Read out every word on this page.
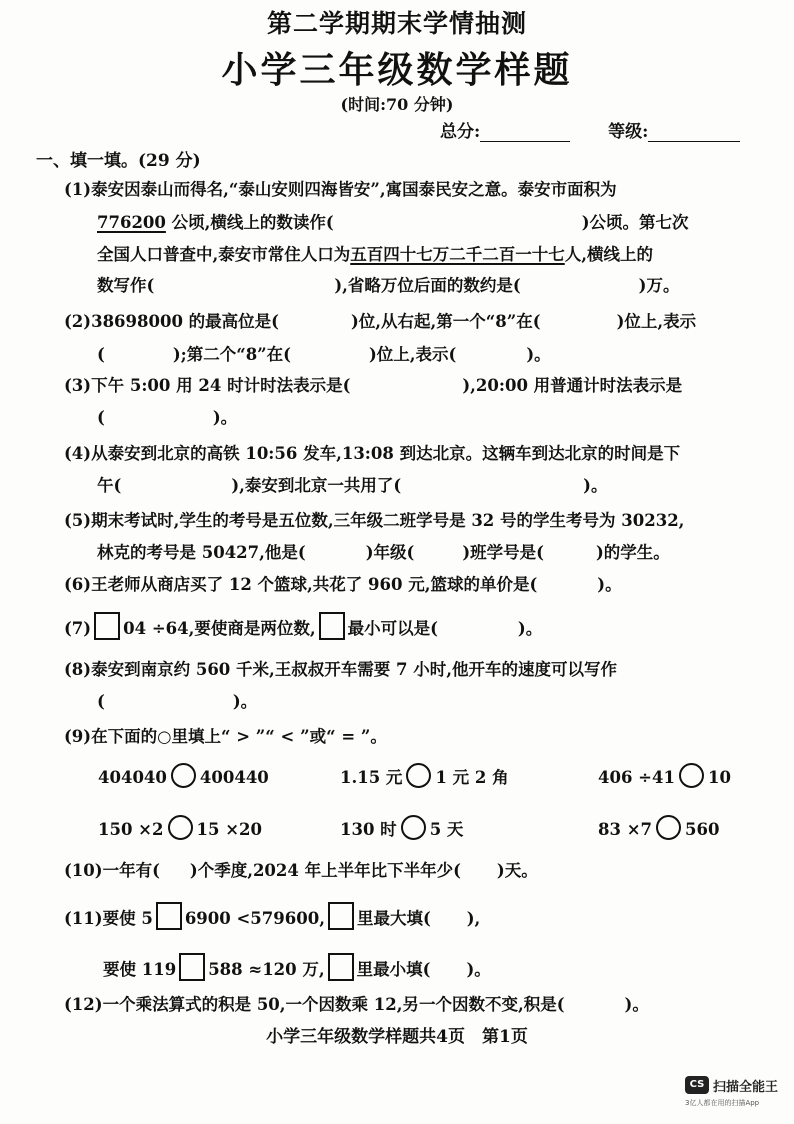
第二学期期末学情抽测
小学三年级数学样题
(时间:70 分钟)
总分:	等级:
一、填一填。(29 分)
(1)泰安因泰山而得名,“泰山安则四海皆安”,寓国泰民安之意。泰安市面积为
776200 公顷,横线上的数读作(	)公顷。第七次
全国人口普查中,泰安市常住人口为五百四十七万二千二百一十七人,横线上的
数写作(	),省略万位后面的数约是(	)万。
(2)38698000 的最高位是(	)位,从右起,第一个“8”在(	)位上,表示
(	);第二个“8”在(	)位上,表示(	)。
(3)下午 5:00 用 24 时计时法表示是(	),20:00 用普通计时法表示是
(	)。
(4)从泰安到北京的高铁 10:56 发车,13:08 到达北京。这辆车到达北京的时间是下
午(	),泰安到北京一共用了(	)。
(5)期末考试时,学生的考号是五位数,三年级二班学号是 32 号的学生考号为 30232,
林克的考号是 50427,他是(	)年级(	)班学号是(	)的学生。
(6)王老师从商店买了 12 个篮球,共花了 960 元,篮球的单价是(	)。
(7) 04 ÷64,要使商是两位数, 最小可以是(	)。
(8)泰安到南京约 560 千米,王叔叔开车需要 7 小时,他开车的速度可以写作
(	)。
(9)在下面的○里填上“ > ”“ < ”或“ = ”。
404040 400440	1.15 元 1 元 2 角	406 ÷41 10
150 ×2 15 ×20	130 时 5 天	83 ×7 560
(10)一年有( )个季度,2024 年上半年比下半年少( )天。
(11)要使 5 6900 <579600, 里最大填( ),
要使 119 588 ≈120 万, 里最小填( )。
(12)一个乘法算式的积是 50,一个因数乘 12,另一个因数不变,积是(	)。
小学三年级数学样题共4页　第1页
CS 扫描全能王
3亿人都在用的扫描App
